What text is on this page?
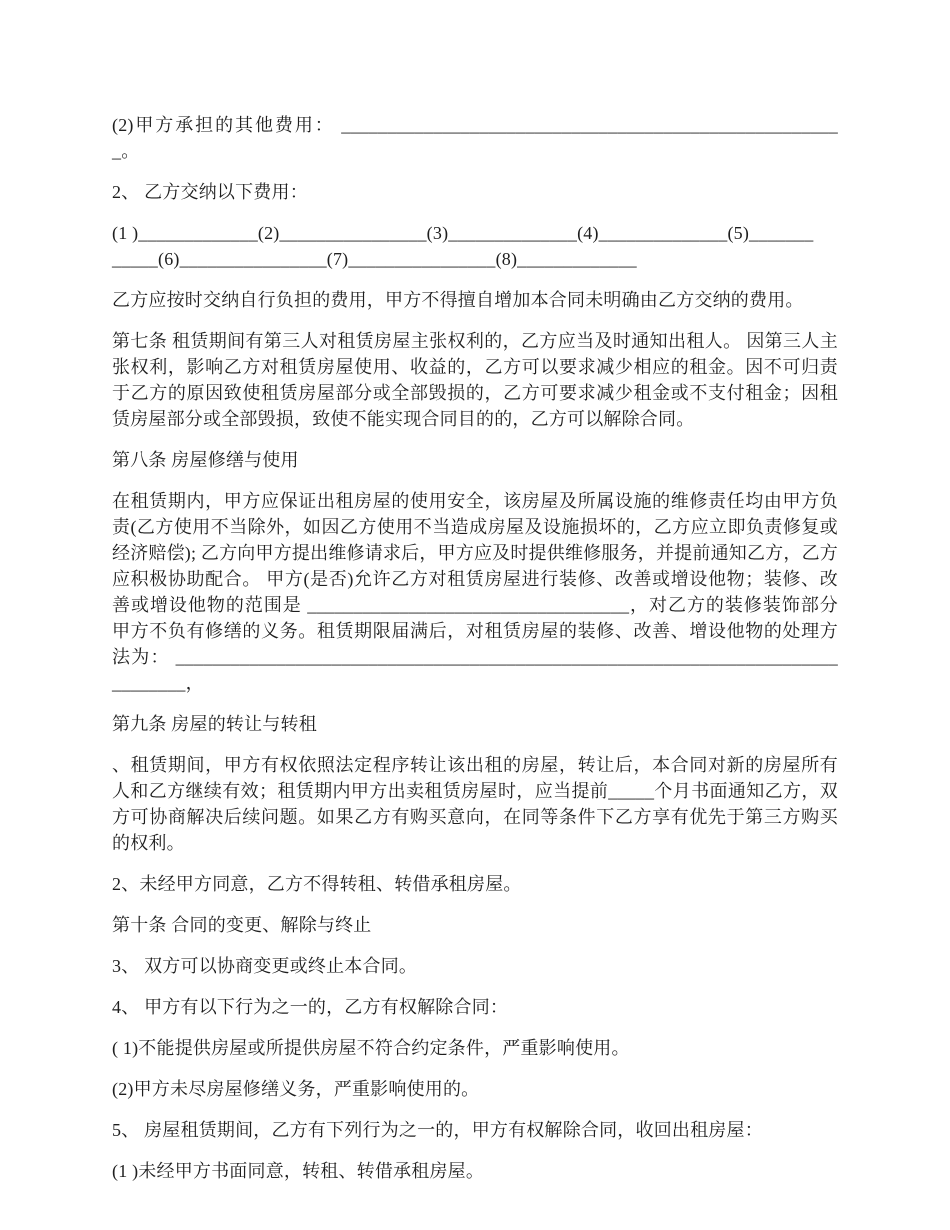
(2)甲方承担的其他费用： _______________________________________________________。

2、 乙方交纳以下费用：

(1 )_____________(2)________________(3)______________(4)______________(5)_______

_____(6)________________(7)________________(8)_____________

乙方应按时交纳自行负担的费用，甲方不得擅自增加本合同未明确由乙方交纳的费用。

第七条 租赁期间有第三人对租赁房屋主张权利的，乙方应当及时通知出租人。 因第三人主张权利，影响乙方对租赁房屋使用、收益的，乙方可以要求减少相应的租金。因不可归责于乙方的原因致使租赁房屋部分或全部毁损的，乙方可要求减少租金或不支付租金；因租赁房屋部分或全部毁损，致使不能实现合同目的的，乙方可以解除合同。

第八条 房屋修缮与使用

在租赁期内，甲方应保证出租房屋的使用安全，该房屋及所属设施的维修责任均由甲方负责(乙方使用不当除外，如因乙方使用不当造成房屋及设施损坏的，乙方应立即负责修复或经济赔偿); 乙方向甲方提出维修请求后，甲方应及时提供维修服务，并提前通知乙方，乙方应积极协助配合。 甲方(是否)允许乙方对租赁房屋进行装修、改善或增设他物；装修、改善或增设他物的范围是 ___________________________________，对乙方的装修装饰部分甲方不负有修缮的义务。租赁期限届满后，对租赁房屋的装修、改善、增设他物的处理方法为： ________________________________________________________________________________，

第九条 房屋的转让与转租

、租赁期间，甲方有权依照法定程序转让该出租的房屋，转让后，本合同对新的房屋所有人和乙方继续有效；租赁期内甲方出卖租赁房屋时，应当提前_____个月书面通知乙方，双方可协商解决后续问题。如果乙方有购买意向，在同等条件下乙方享有优先于第三方购买的权利。

2、未经甲方同意，乙方不得转租、转借承租房屋。

第十条 合同的变更、解除与终止

3、 双方可以协商变更或终止本合同。

4、 甲方有以下行为之一的，乙方有权解除合同：

( 1)不能提供房屋或所提供房屋不符合约定条件，严重影响使用。

(2)甲方未尽房屋修缮义务，严重影响使用的。

5、 房屋租赁期间，乙方有下列行为之一的，甲方有权解除合同，收回出租房屋：

(1 )未经甲方书面同意，转租、转借承租房屋。
